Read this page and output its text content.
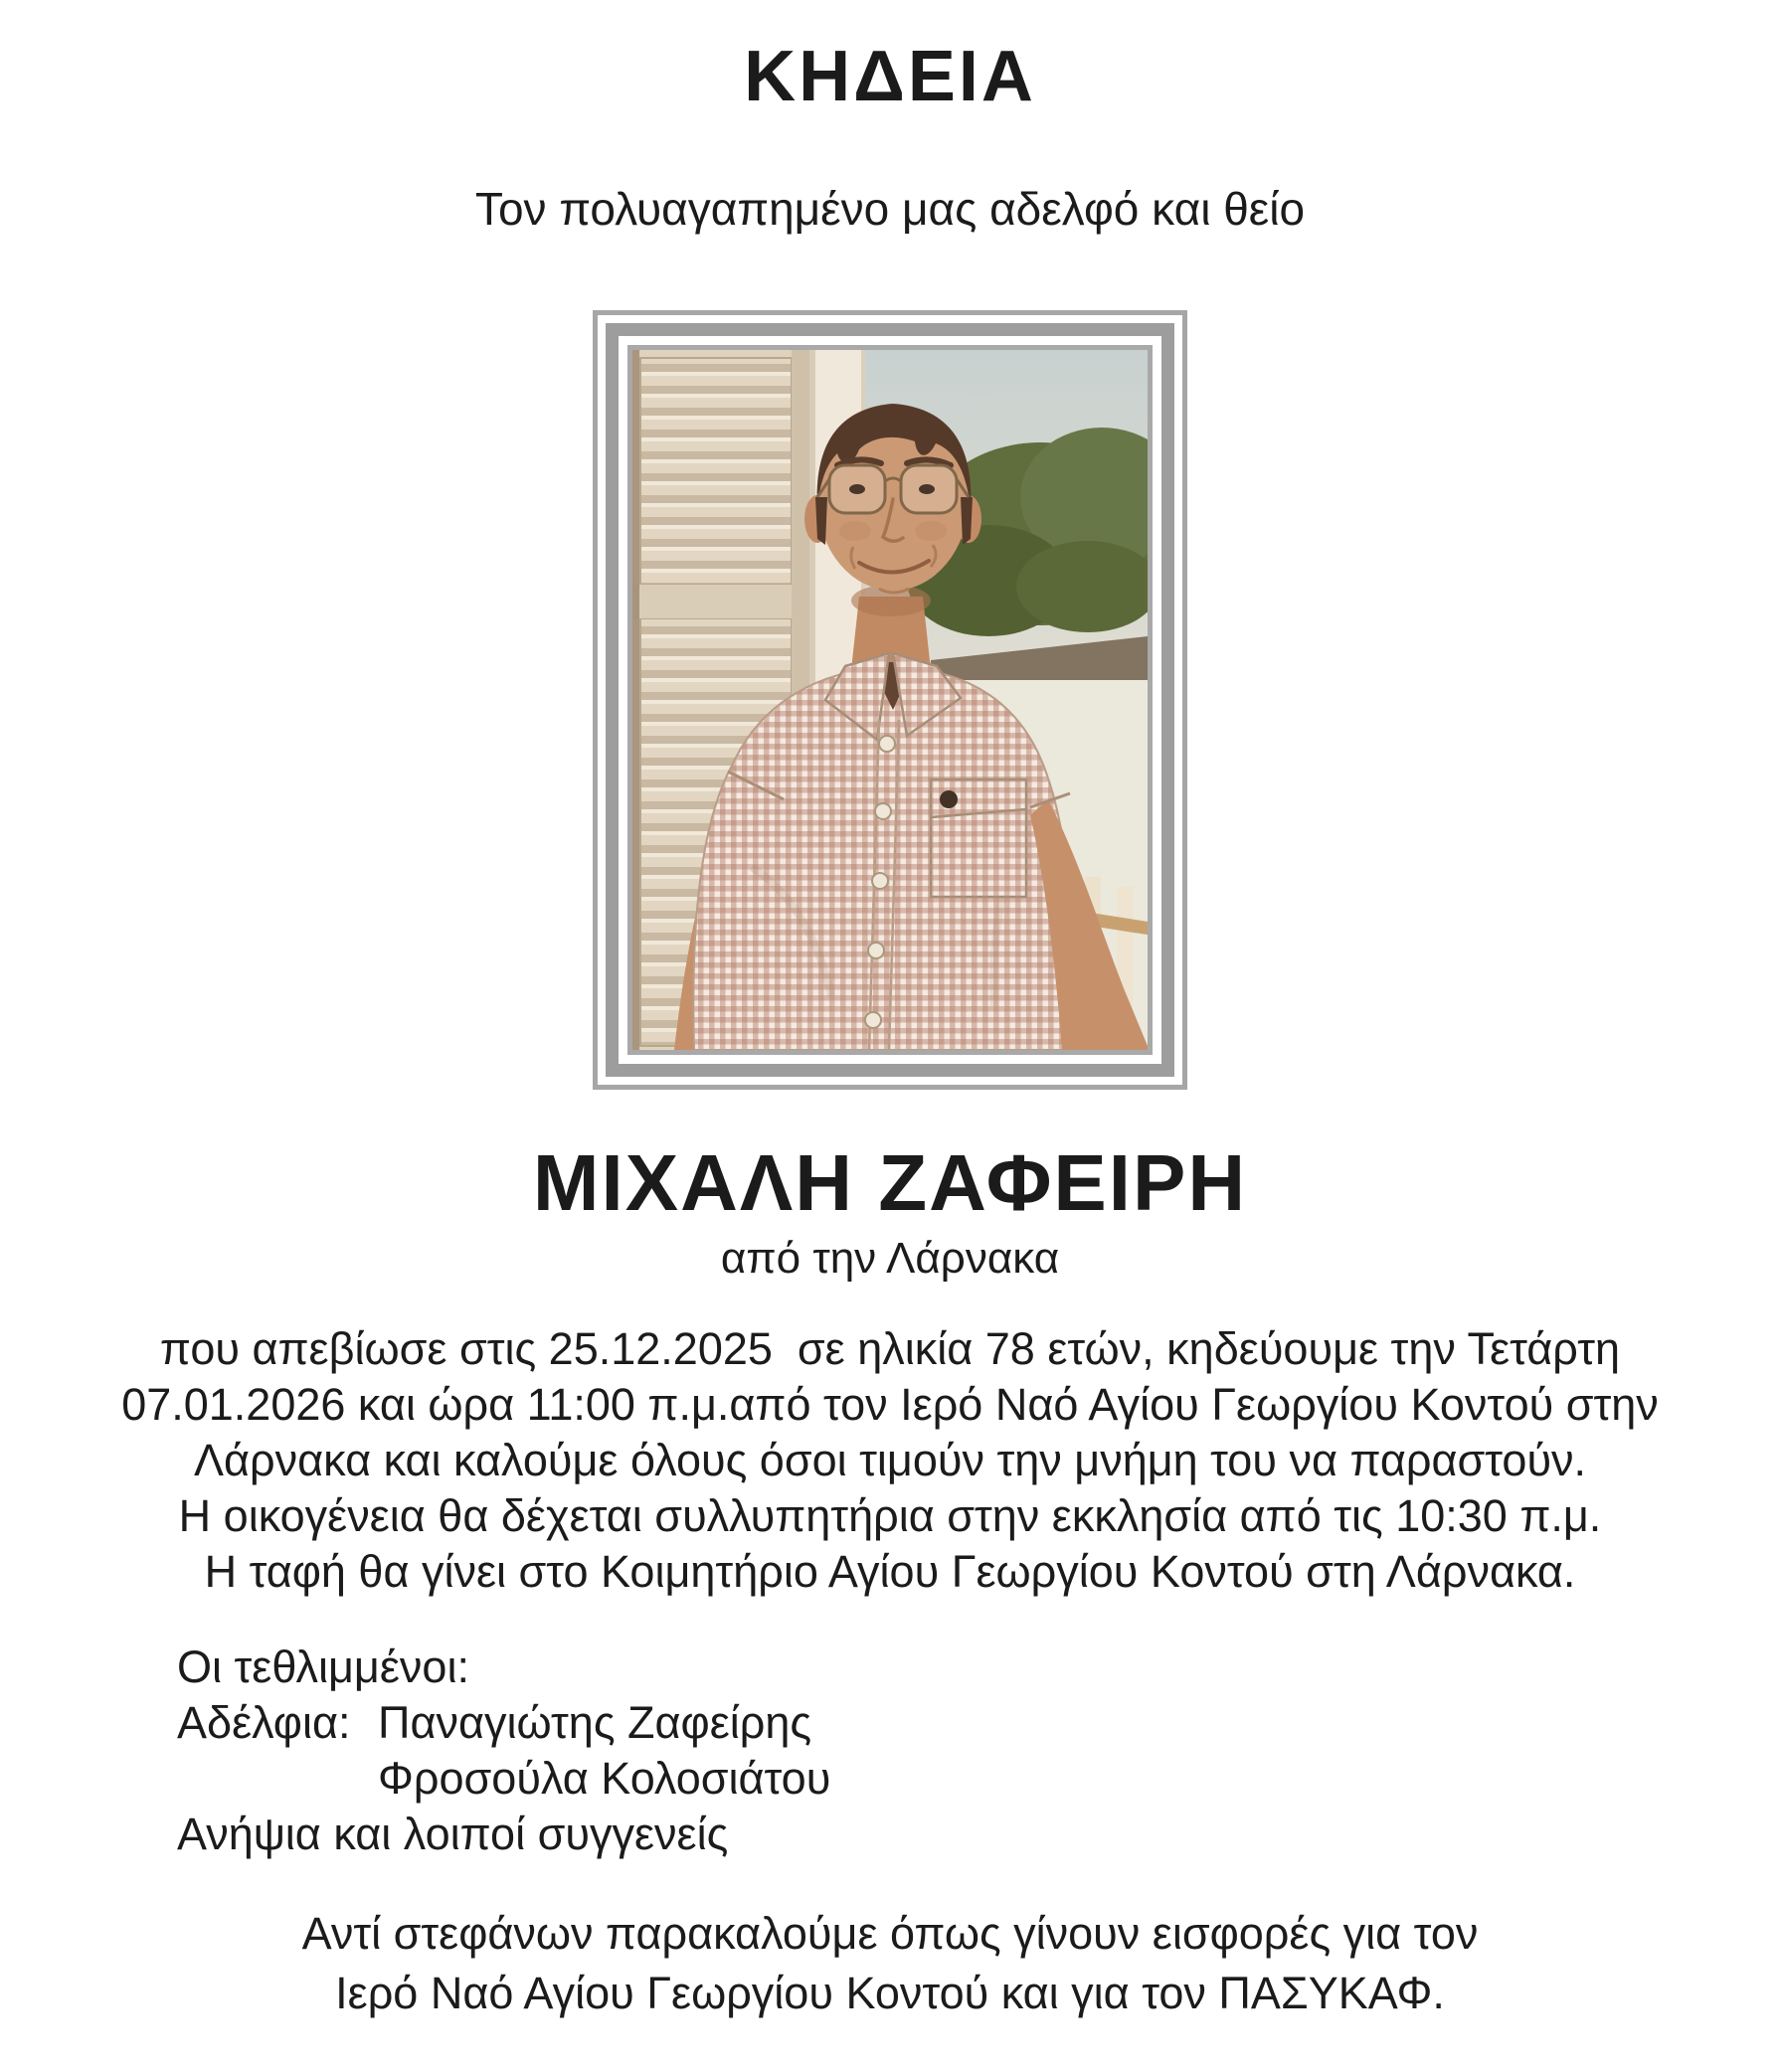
ΚΗΔΕΙΑ
Τον πολυαγαπημένο μας αδελφό και θείο
ΜΙΧΑΛΗ ΖΑΦΕΙΡΗ
από την Λάρνακα
που απεβίωσε στις 25.12.2025  σε ηλικία 78 ετών, κηδεύουμε την Τετάρτη
07.01.2026 και ώρα 11:00 π.μ.από τον Ιερό Ναό Αγίου Γεωργίου Κοντού στην
Λάρνακα και καλούμε όλους όσοι τιμούν την μνήμη του να παραστούν.
Η οικογένεια θα δέχεται συλλυπητήρια στην εκκλησία από τις 10:30 π.μ.
Η ταφή θα γίνει στο Κοιμητήριο Αγίου Γεωργίου Κοντού στη Λάρνακα.
Οι τεθλιμμένοι:
Αδέλφια: Παναγιώτης Ζαφείρης
Φροσούλα Κολοσιάτου
Ανήψια και λοιποί συγγενείς
Αντί στεφάνων παρακαλούμε όπως γίνουν εισφορές για τον
Ιερό Ναό Αγίου Γεωργίου Κοντού και για τον ΠΑΣΥΚΑΦ.
